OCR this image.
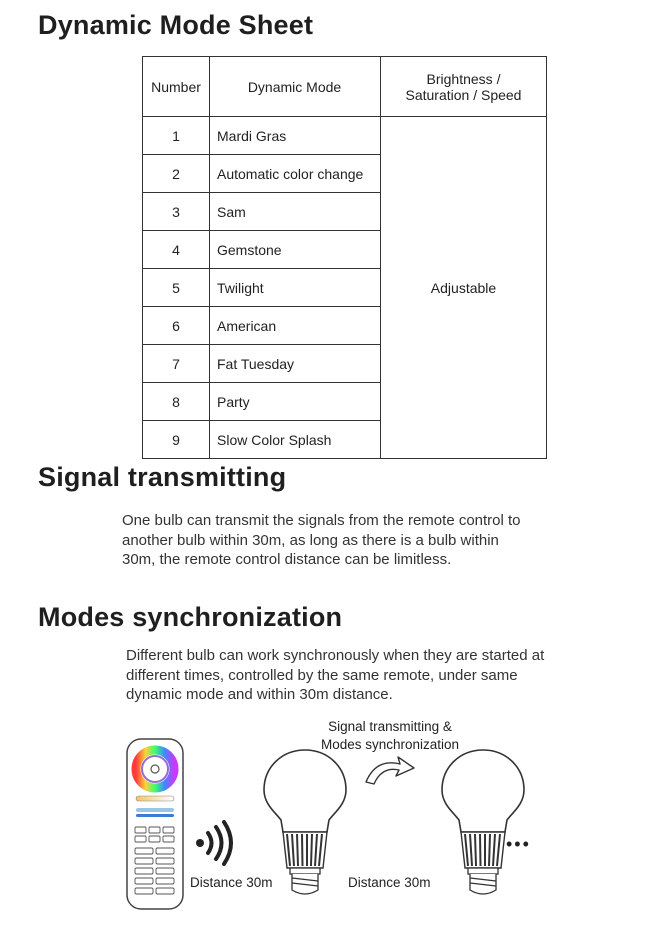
Dynamic Mode Sheet
Number	Dynamic Mode	Brightness /
Saturation / Speed
1	Mardi Gras	Adjustable
2	Automatic color change	
3	Sam	
4	Gemstone	
5	Twilight	
6	American	
7	Fat Tuesday	
8	Party	
9	Slow Color Splash	
Signal transmitting

One bulb can transmit the signals from the remote control to another bulb within 30m, as long as there is a bulb within 30m, the remote control distance can be limitless.

Modes synchronization

Different bulb can work synchronously when they are started at different times, controlled by the same remote, under same dynamic mode and within 30m distance.

Signal transmitting &
Modes synchronization
Distance 30m	Distance 30m
•••
